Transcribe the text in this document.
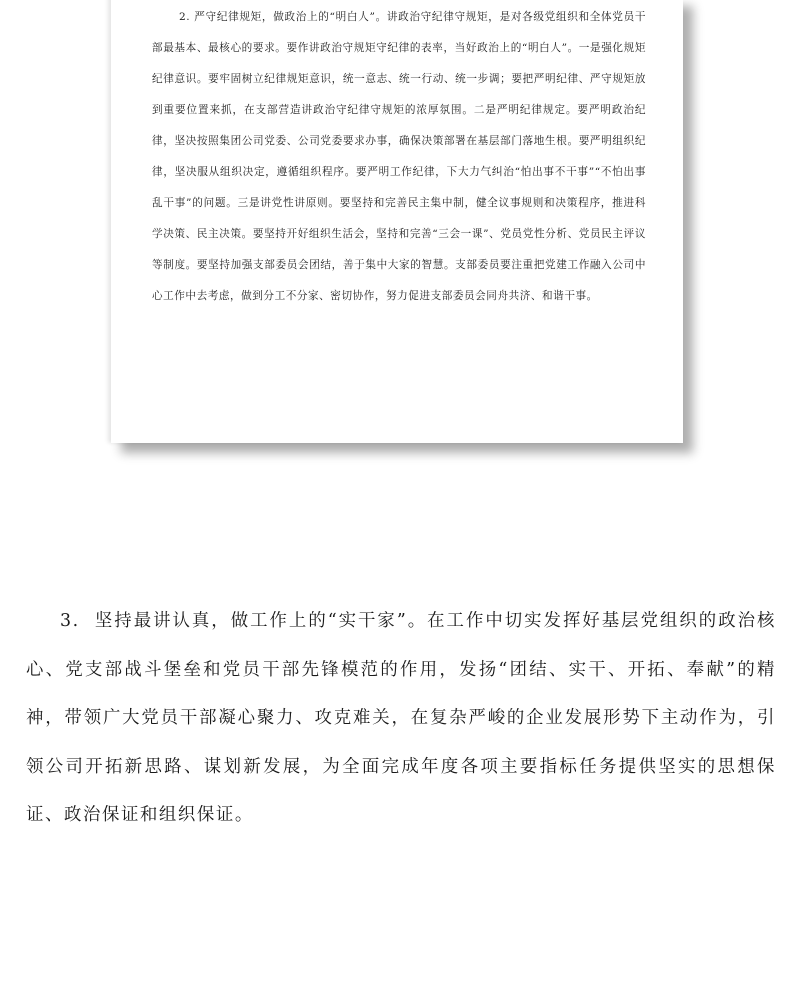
2. 严守纪律规矩，做政治上的“明白人”。讲政治守纪律守规矩，是对各级党组织和全体党员干部最基本、最核心的要求。要作讲政治守规矩守纪律的表率，当好政治上的“明白人”。一是强化规矩纪律意识。要牢固树立纪律规矩意识，统一意志、统一行动、统一步调；要把严明纪律、严守规矩放到重要位置来抓，在支部营造讲政治守纪律守规矩的浓厚氛围。二是严明纪律规定。要严明政治纪律，坚决按照集团公司党委、公司党委要求办事，确保决策部署在基层部门落地生根。要严明组织纪律，坚决服从组织决定，遵循组织程序。要严明工作纪律，下大力气纠治“怕出事不干事”“不怕出事乱干事”的问题。三是讲党性讲原则。要坚持和完善民主集中制，健全议事规则和决策程序，推进科学决策、民主决策。要坚持开好组织生活会，坚持和完善“三会一课”、党员党性分析、党员民主评议等制度。要坚持加强支部委员会团结，善于集中大家的智慧。支部委员要注重把党建工作融入公司中心工作中去考虑，做到分工不分家、密切协作，努力促进支部委员会同舟共济、和谐干事。

3. 坚持最讲认真，做工作上的“实干家”。在工作中切实发挥好基层党组织的政治核心、党支部战斗堡垒和党员干部先锋模范的作用，发扬“团结、实干、开拓、奉献”的精神，带领广大党员干部凝心聚力、攻克难关，在复杂严峻的企业发展形势下主动作为，引领公司开拓新思路、谋划新发展，为全面完成年度各项主要指标任务提供坚实的思想保证、政治保证和组织保证。
